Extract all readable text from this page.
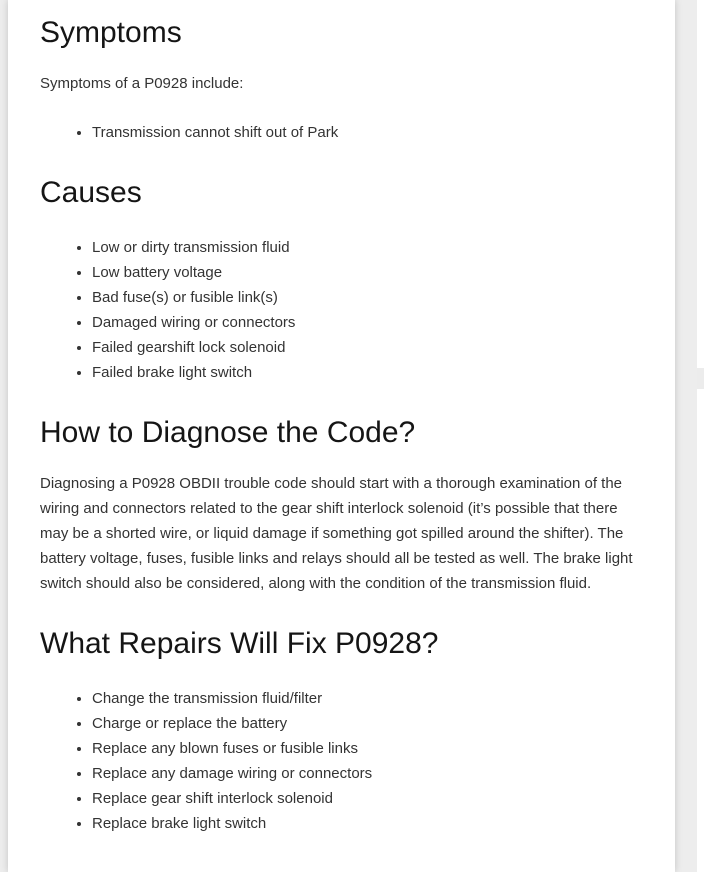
Symptoms

Symptoms of a P0928 include:

• Transmission cannot shift out of Park
Causes
• Low or dirty transmission fluid
• Low battery voltage
• Bad fuse(s) or fusible link(s)
• Damaged wiring or connectors
• Failed gearshift lock solenoid
• Failed brake light switch
How to Diagnose the Code?

Diagnosing a P0928 OBDII trouble code should start with a thorough examination of the wiring and connectors related to the gear shift interlock solenoid (it’s possible that there may be a shorted wire, or liquid damage if something got spilled around the shifter). The battery voltage, fuses, fusible links and relays should all be tested as well. The brake light switch should also be considered, along with the condition of the transmission fluid.

What Repairs Will Fix P0928?
• Change the transmission fluid/filter
• Charge or replace the battery
• Replace any blown fuses or fusible links
• Replace any damage wiring or connectors
• Replace gear shift interlock solenoid
• Replace brake light switch
